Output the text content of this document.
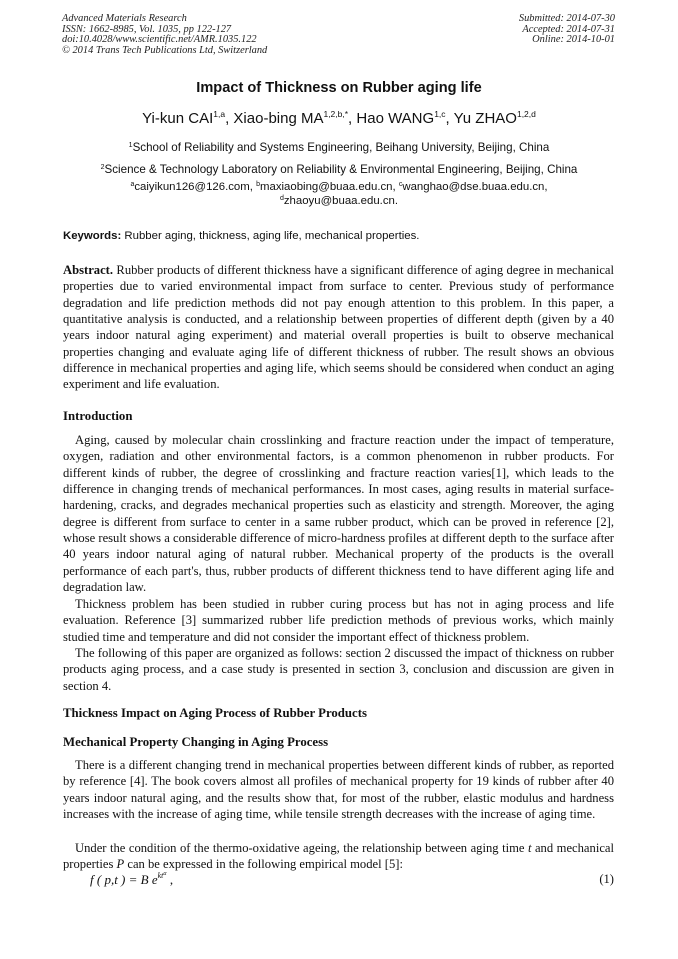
Advanced Materials Research
ISSN: 1662-8985, Vol. 1035, pp 122-127
doi:10.4028/www.scientific.net/AMR.1035.122
© 2014 Trans Tech Publications Ltd, Switzerland
Submitted: 2014-07-30
Accepted: 2014-07-31
Online: 2014-10-01
Impact of Thickness on Rubber aging life
Yi-kun CAI$^{1,a}$, Xiao-bing $MA^{1,2,b,*}$, Hao WANG$^{1,c}$, Yu ZHAO$^{1,2,d}$
$^1$School of Reliability and Systems Engineering, Beihang University, Beijing, China
$^2$Science & Technology Laboratory on Reliability & Environmental Engineering, Beijing, China
$^a$caiyikun126@126.com, $^b$maxiaobing@buaa.edu.cn, $^c$wanghao@dse.buaa.edu.cn,
$^d$zhaoyu@buaa.edu.cn.
Keywords: Rubber aging, thickness, aging life, mechanical properties.
Abstract. Rubber products of different thickness have a significant difference of aging degree in mechanical properties due to varied environmental impact from surface to center. Previous study of performance degradation and life prediction methods did not pay enough attention to this problem. In this paper, a quantitative analysis is conducted, and a relationship between properties of different depth (given by a 40 years indoor natural aging experiment) and material overall properties is built to observe mechanical properties changing and evaluate aging life of different thickness of rubber. The result shows an obvious difference in mechanical properties and aging life, which seems should be considered when conduct an aging experiment and life evaluation.
Introduction
Aging, caused by molecular chain crosslinking and fracture reaction under the impact of temperature, oxygen, radiation and other environmental factors, is a common phenomenon in rubber products. For different kinds of rubber, the degree of crosslinking and fracture reaction varies[1], which leads to the difference in changing trends of mechanical performances. In most cases, aging results in material surface-hardening, cracks, and degrades mechanical properties such as elasticity and strength. Moreover, the aging degree is different from surface to center in a same rubber product, which can be proved in reference [2], whose result shows a considerable difference of micro-hardness profiles at different depth to the surface after 40 years indoor natural aging of natural rubber. Mechanical property of the products is the overall performance of each part's, thus, rubber products of different thickness tend to have different aging life and degradation law.
Thickness problem has been studied in rubber curing process but has not in aging process and life evaluation. Reference [3] summarized rubber life prediction methods of previous works, which mainly studied time and temperature and did not consider the important effect of thickness problem.
The following of this paper are organized as follows: section 2 discussed the impact of thickness on rubber products aging process, and a case study is presented in section 3, conclusion and discussion are given in section 4.
Thickness Impact on Aging Process of Rubber Products
Mechanical Property Changing in Aging Process
There is a different changing trend in mechanical properties between different kinds of rubber, as reported by reference [4]. The book covers almost all profiles of mechanical property for 19 kinds of rubber after 40 years indoor natural aging, and the results show that, for most of the rubber, elastic modulus and hardness increases with the increase of aging time, while tensile strength decreases with the increase of aging time.
Under the condition of the thermo-oxidative ageing, the relationship between aging time t and mechanical properties P can be expressed in the following empirical model [5]:
f ( p,t ) = B $e^{kt^\alpha}$ ,	(1)
